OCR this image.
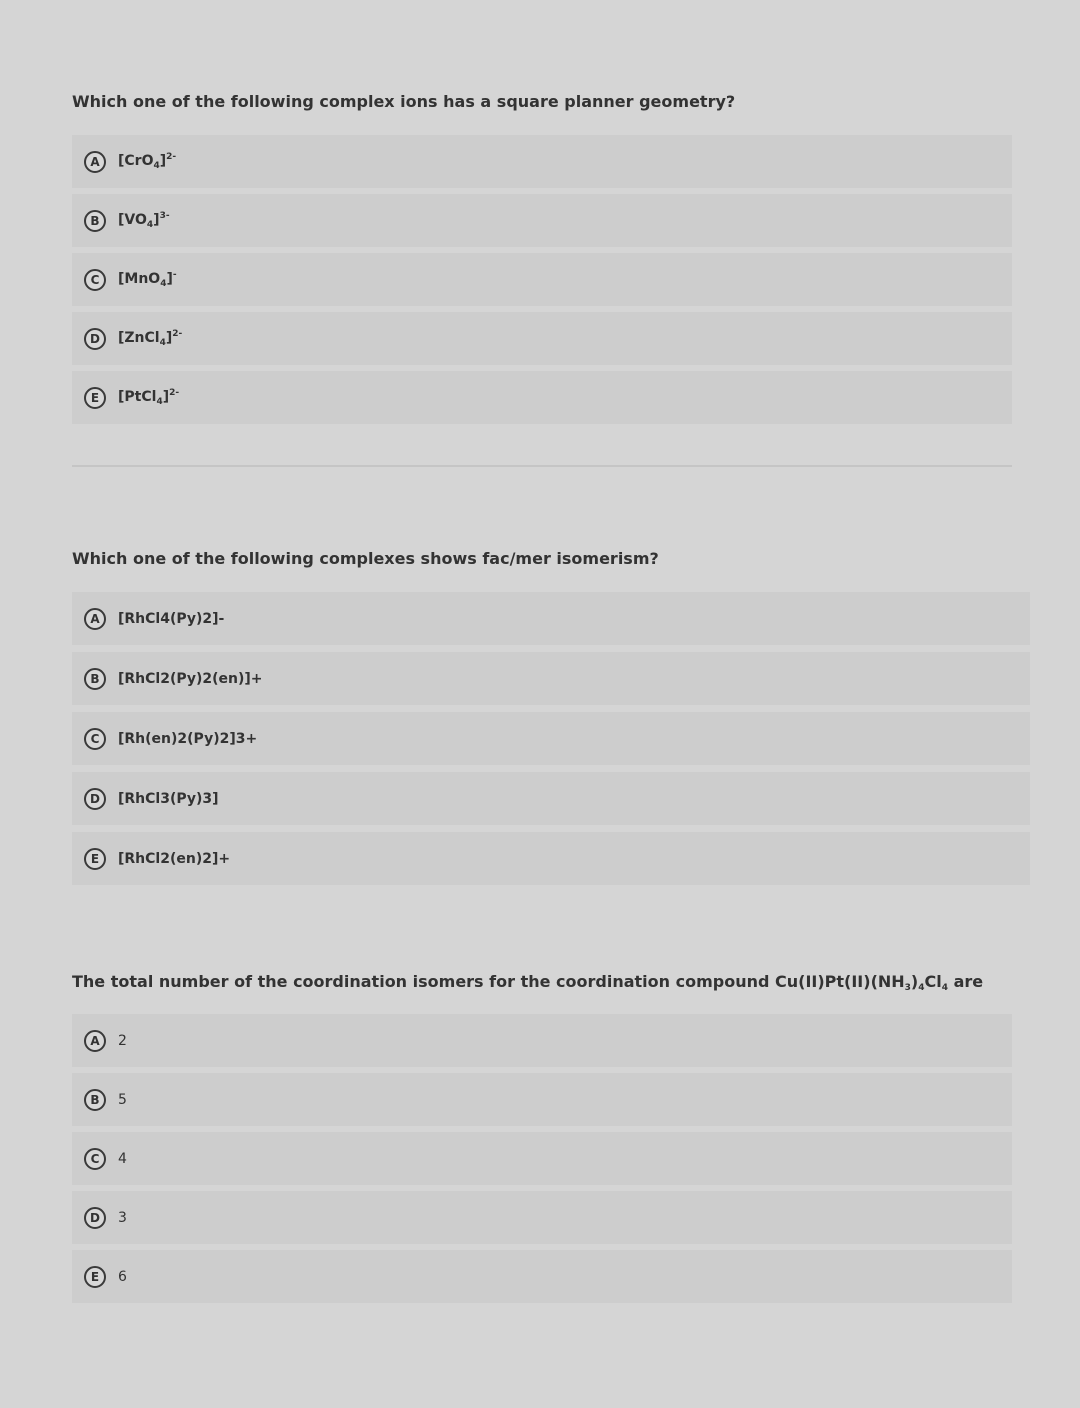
Which one of the following complex ions has a square planner geometry?
A	$[CrO_4]^{2-}$
B	$[VO_4]^{3-}$
C	[MnO$_4$]-
D	[ZnCl$_4$]$^{2-}$
E	[PtCl$_4$]$^{2-}$
Which one of the following complexes shows fac/mer isomerism?
A	[RhCl4(Py)2]-
B	[RhCl2(Py)2(en)]+
C	[Rh(en)2(Py)2]3+
D	[RhCl3(Py)3]
E	[RhCl2(en)2]+
The total number of the coordination isomers for the coordination compound $Cu(II)Pt(II)(NH_3)_4Cl_4$ are
A	2
B	5
C	4
D	3
E	6
